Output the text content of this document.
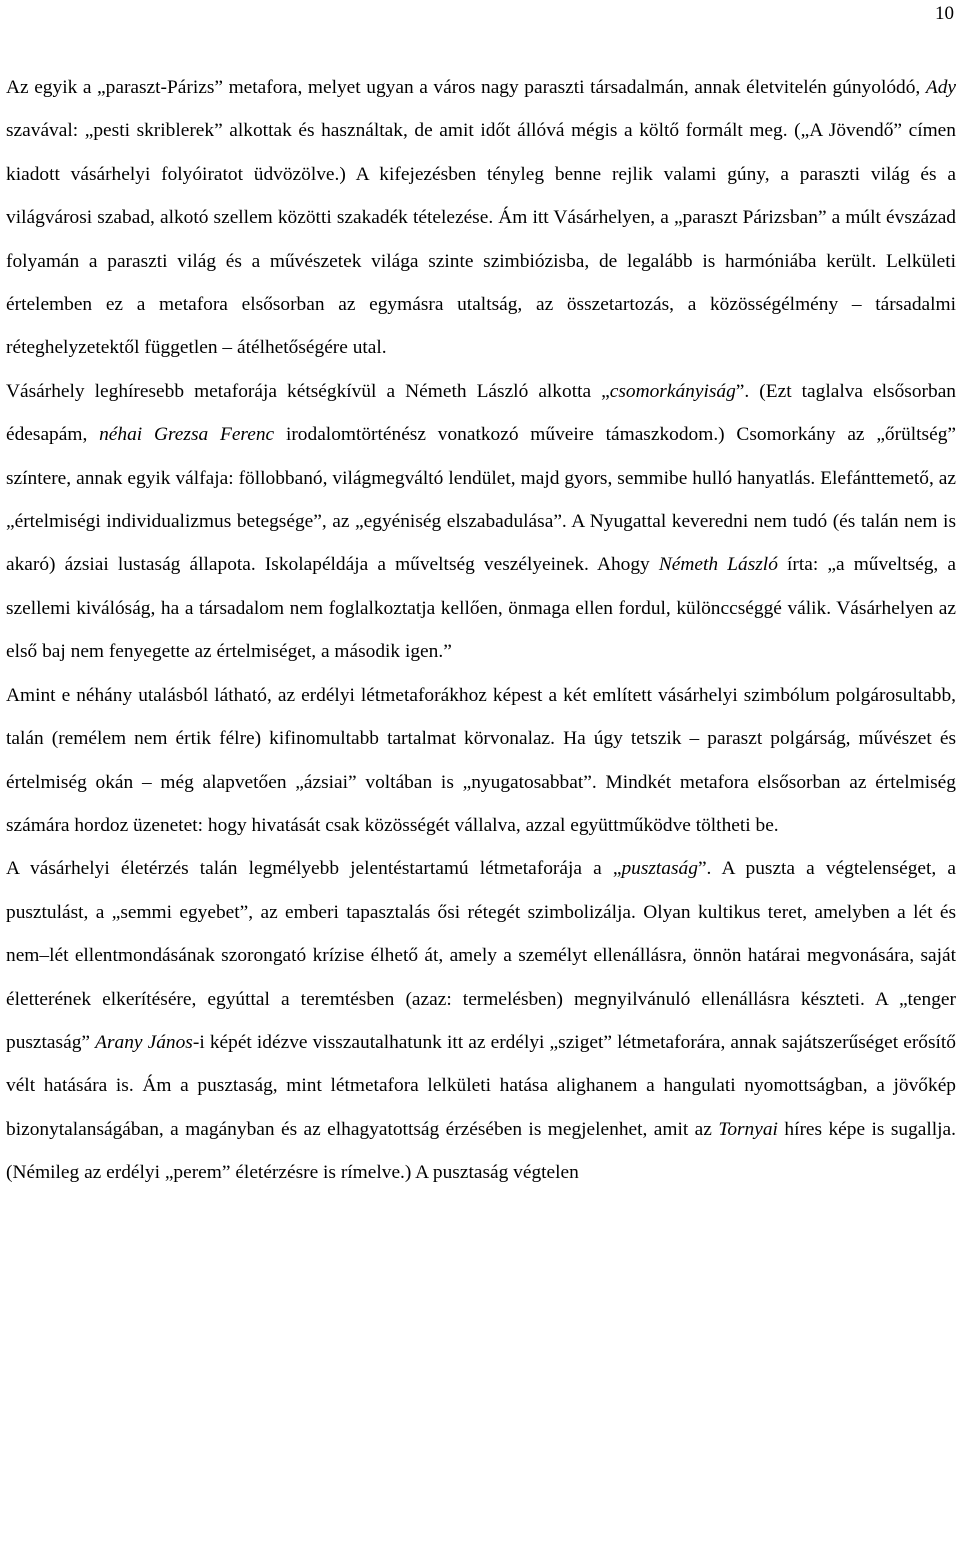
10

Az egyik a „paraszt-Párizs” metafora, melyet ugyan a város nagy paraszti társadalmán, annak életvitelén gúnyolódó, Ady szavával: „pesti skriblerek” alkottak és használtak, de amit időt állóvá mégis a költő formált meg. („A Jövendő” címen kiadott vásárhelyi folyóiratot üdvözölve.) A kifejezésben tényleg benne rejlik valami gúny, a paraszti világ és a világvárosi szabad, alkotó szellem közötti szakadék tételezése. Ám itt Vásárhelyen, a „paraszt Párizsban” a múlt évszázad folyamán a paraszti világ és a művészetek világa szinte szimbiózisba, de legalább is harmóniába került. Lelkületi értelemben ez a metafora elsősorban az egymásra utaltság, az összetartozás, a közösségélmény – társadalmi réteghelyzetektől független – átélhetőségére utal.

Vásárhely leghíresebb metaforája kétségkívül a Németh László alkotta „csomorkányiság”. (Ezt taglalva elsősorban édesapám, néhai Grezsa Ferenc irodalomtörténész vonatkozó műveire támaszkodom.) Csomorkány az „őrültség” színtere, annak egyik válfaja: föllobbanó, világmegváltó lendület, majd gyors, semmibe hulló hanyatlás. Elefánttemető, az „értelmiségi individualizmus betegsége”, az „egyéniség elszabadulása”. A Nyugattal keveredni nem tudó (és talán nem is akaró) ázsiai lustaság állapota. Iskolapéldája a műveltség veszélyeinek. Ahogy Németh László írta: „a műveltség, a szellemi kiválóság, ha a társadalom nem foglalkoztatja kellően, önmaga ellen fordul, különccséggé válik. Vásárhelyen az első baj nem fenyegette az értelmiséget, a második igen.”

Amint e néhány utalásból látható, az erdélyi létmetaforákhoz képest a két említett vásárhelyi szimbólum polgárosultabb, talán (remélem nem értik félre) kifinomultabb tartalmat körvonalaz. Ha úgy tetszik – paraszt polgárság, művészet és értelmiség okán – még alapvetően „ázsiai” voltában is „nyugatosabbat”. Mindkét metafora elsősorban az értelmiség számára hordoz üzenetet: hogy hivatását csak közösségét vállalva, azzal együttműködve töltheti be.

A vásárhelyi életérzés talán legmélyebb jelentéstartamú létmetaforája a „pusztaság”. A puszta a végtelenséget, a pusztulást, a „semmi egyebet”, az emberi tapasztalás ősi rétegét szimbolizálja. Olyan kultikus teret, amelyben a lét és nem–lét ellentmondásának szorongató krízise élhető át, amely a személyt ellenállásra, önnön határai megvonására, saját életterének elkerítésére, egyúttal a teremtésben (azaz: termelésben) megnyilvánuló ellenállásra készteti. A „tenger pusztaság” Arany János-i képét idézve visszautalhatunk itt az erdélyi „sziget” létmetaforára, annak sajátszerűséget erősítő vélt hatására is. Ám a pusztaság, mint létmetafora lelkületi hatása alighanem a hangulati nyomottságban, a jövőkép bizonytalanságában, a magányban és az elhagyatottság érzésében is megjelenhet, amit az Tornyai híres képe is sugallja. (Némileg az erdélyi „perem” életérzésre is rímelve.) A pusztaság végtelen
